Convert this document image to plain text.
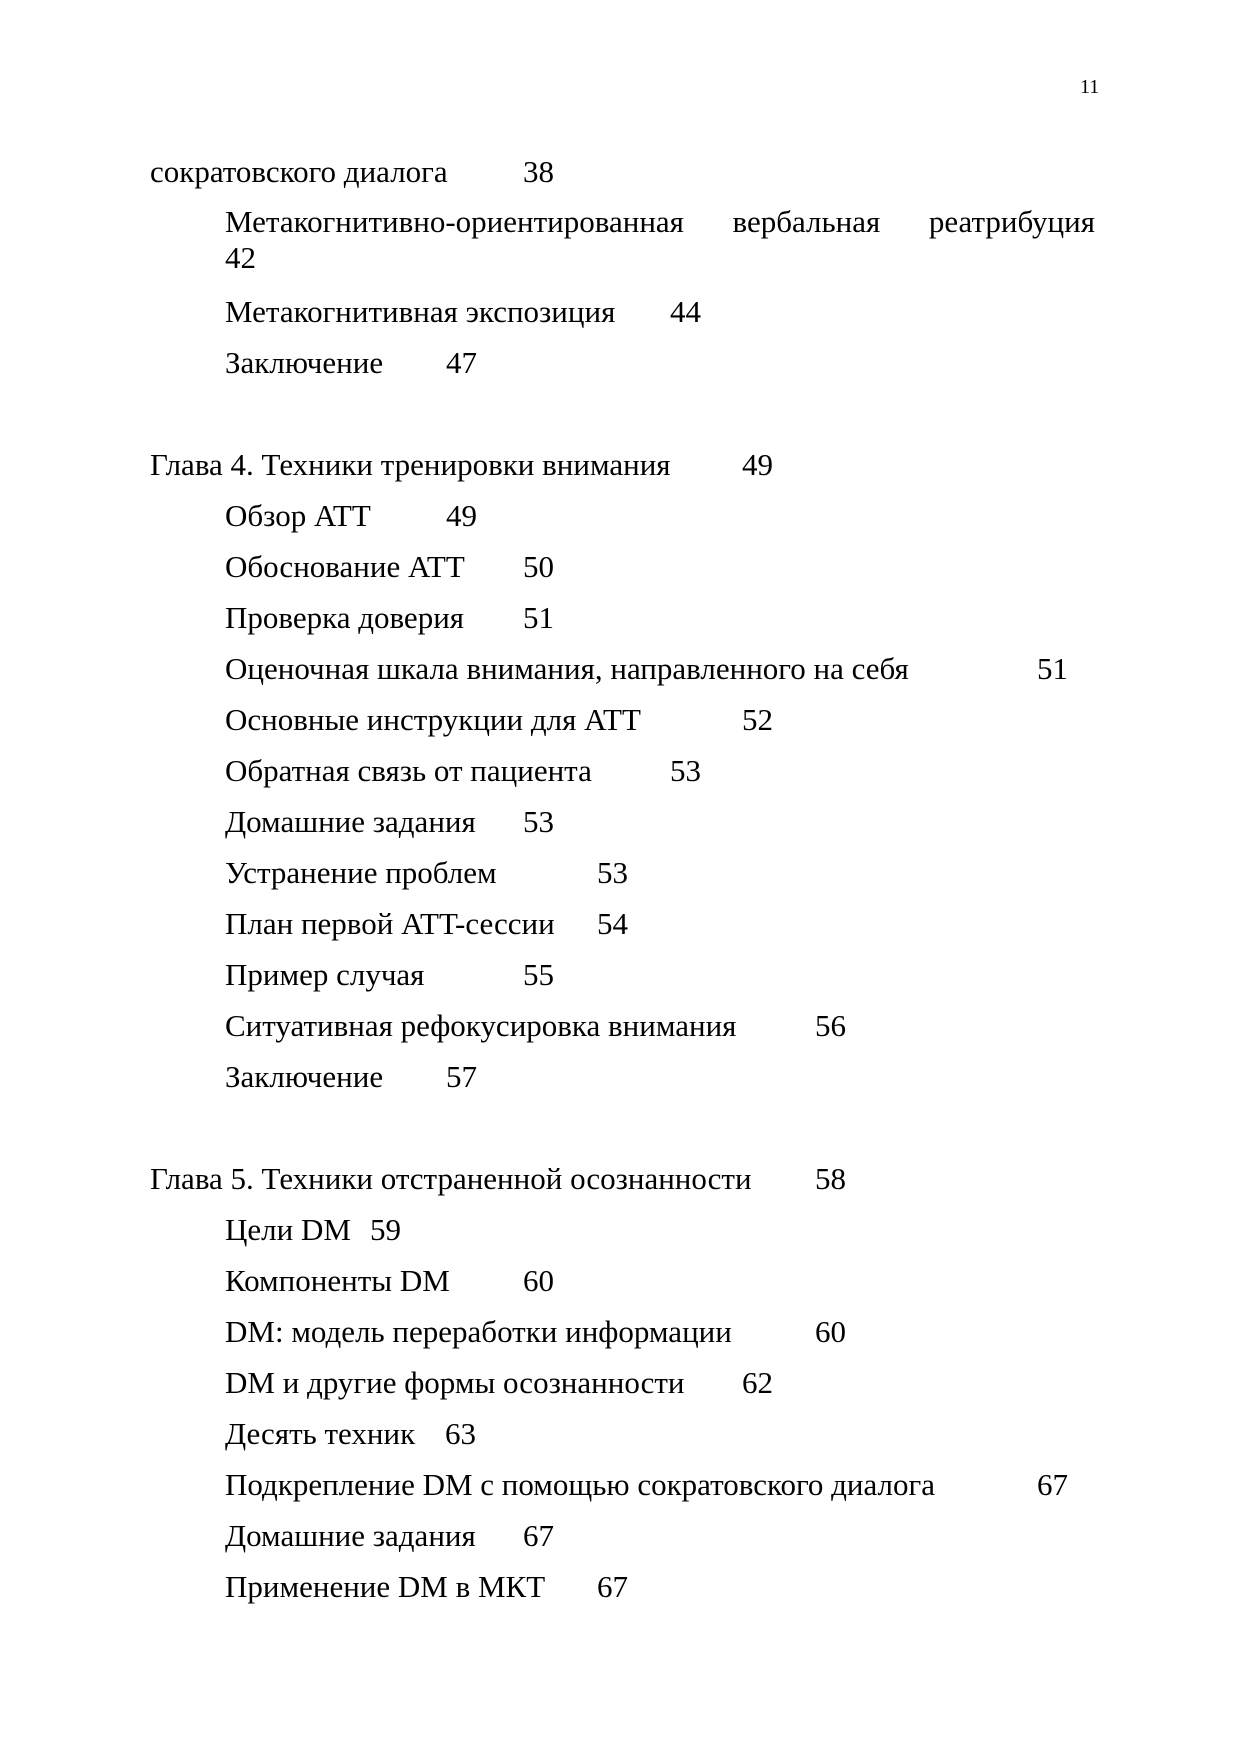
11
сократовского диалога 38
Метакогнитивно-ориентированная вербальная реатрибуция
42
Метакогнитивная экспозиция 44
Заключение 47
Глава 4. Техники тренировки внимания 49
Обзор ATT 49
Обоснование ATT 50
Проверка доверия 51
Оценочная шкала внимания, направленного на себя	51
Основные инструкции для ATT	52
Обратная связь от пациента	53
Домашние задания 53
Устранение проблем	53
План первой ATT-сессии 54
Пример случая	55
Ситуативная рефокусировка внимания	56
Заключение 57
Глава 5. Техники отстраненной осознанности 58
Цели DM 59
Компоненты DM 60
DM: модель переработки информации	60
DM и другие формы осознанности 62
Десять техник 63
Подкрепление DM с помощью сократовского диалога	67
Домашние задания 67
Применение DM в МКТ 67
